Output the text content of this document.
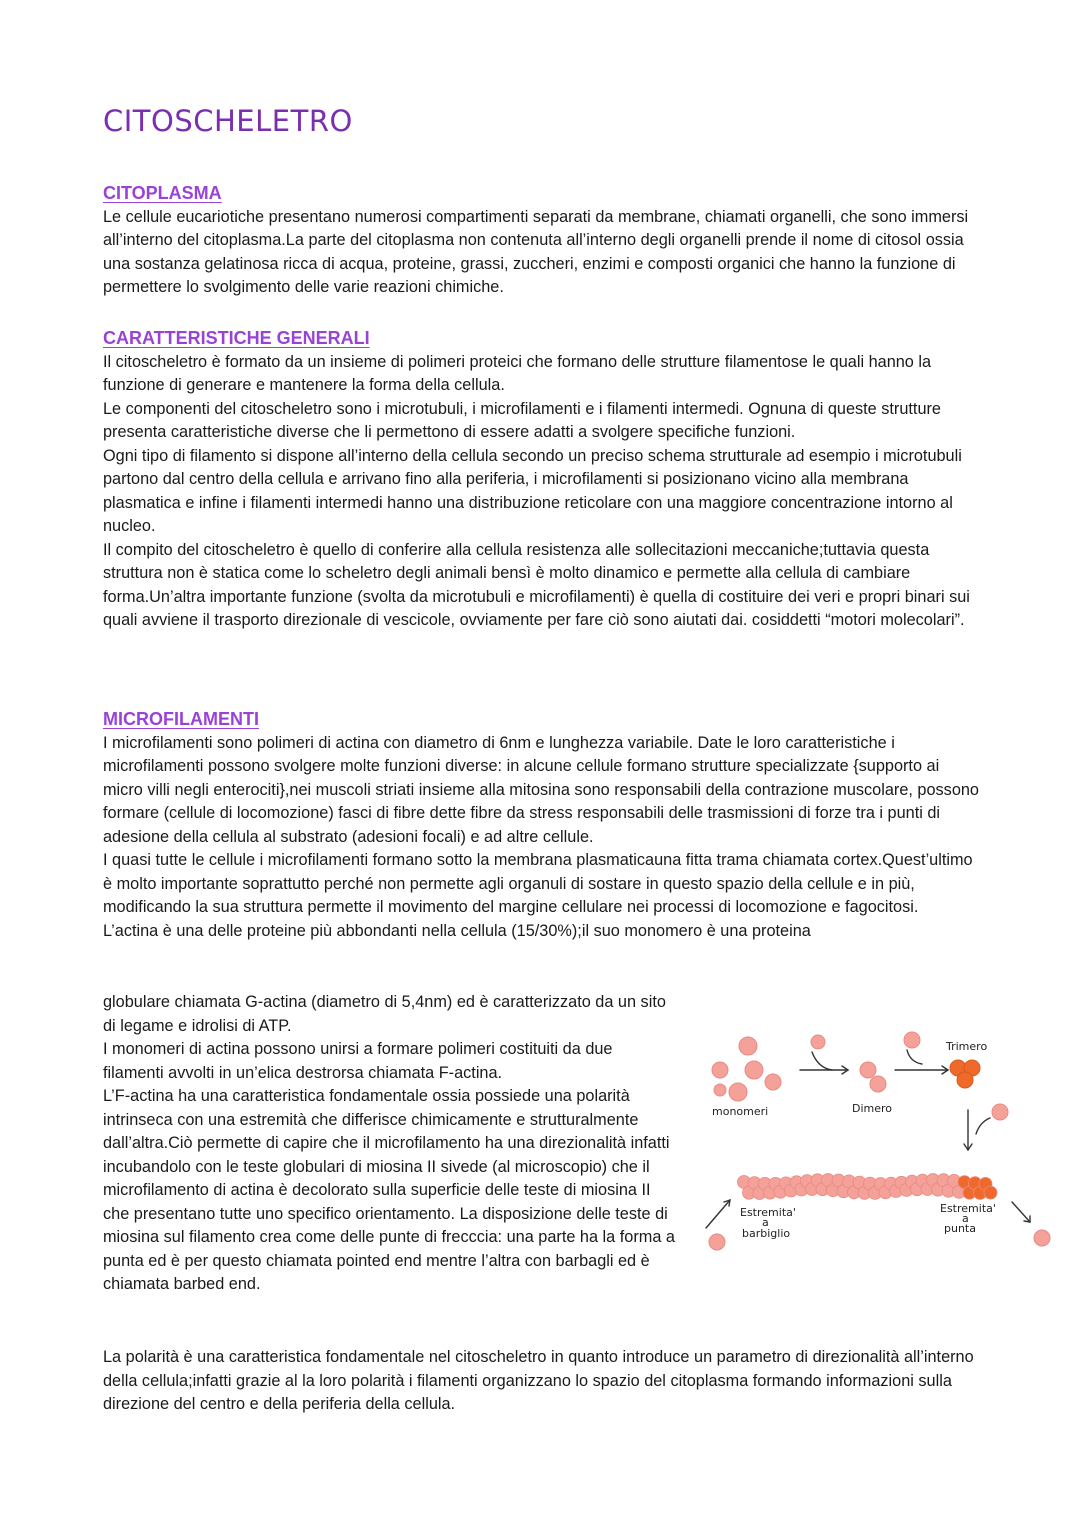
CITOSCHELETRO
CITOPLASMA

Le cellule eucariotiche presentano numerosi compartimenti separati da membrane, chiamati organelli, che sono immersi all’interno del citoplasma.La parte del citoplasma non contenuta all’interno degli organelli prende il nome di citosol ossia una sostanza gelatinosa ricca di acqua, proteine, grassi, zuccheri, enzimi e composti organici che hanno la funzione di permettere lo svolgimento delle varie reazioni chimiche.

CARATTERISTICHE GENERALI

Il citoscheletro è formato da un insieme di polimeri proteici che formano delle strutture filamentose le quali hanno la funzione di generare e mantenere la forma della cellula.

Le componenti del citoscheletro sono i microtubuli, i microfilamenti e i filamenti intermedi. Ognuna di queste strutture presenta caratteristiche diverse che li permettono di essere adatti a svolgere specifiche funzioni.

Ogni tipo di filamento si dispone all’interno della cellula secondo un preciso schema strutturale ad esempio i microtubuli partono dal centro della cellula e arrivano fino alla periferia, i microfilamenti si posizionano vicino alla membrana plasmatica e infine i filamenti intermedi hanno una distribuzione reticolare con una maggiore concentrazione intorno al nucleo.

Il compito del citoscheletro è quello di conferire alla cellula resistenza alle sollecitazioni meccaniche;tuttavia questa struttura non è statica come lo scheletro degli animali bensì è molto dinamico e permette alla cellula di cambiare forma.Un’altra importante funzione (svolta da microtubuli e microfilamenti) è quella di costituire dei veri e propri binari sui quali avviene il trasporto direzionale di vescicole, ovviamente per fare ciò sono aiutati dai. cosiddetti “motori molecolari”.

MICROFILAMENTI

I microfilamenti sono polimeri di actina con diametro di 6nm e lunghezza variabile. Date le loro caratteristiche i microfilamenti possono svolgere molte funzioni diverse: in alcune cellule formano strutture specializzate {supporto ai micro villi negli enterociti},nei muscoli striati insieme alla mitosina sono responsabili della contrazione muscolare, possono formare (cellule di locomozione) fasci di fibre dette fibre da stress responsabili delle trasmissioni di forze tra i punti di adesione della cellula al substrato (adesioni focali) e ad altre cellule.

I quasi tutte le cellule i microfilamenti formano sotto la membrana plasmaticauna fitta trama chiamata cortex.Quest’ultimo è molto importante soprattutto perché non permette agli organuli di sostare in questo spazio della cellule e in più, modificando la sua struttura permette il movimento del margine cellulare nei processi di locomozione e fagocitosi.

L’actina è una delle proteine più abbondanti nella cellula (15/30%);il suo monomero è una proteina

globulare chiamata G-actina (diametro di 5,4nm) ed è caratterizzato da un sito di legame e idrolisi di ATP.

I monomeri di actina possono unirsi a formare polimeri costituiti da due filamenti avvolti in un’elica destrorsa chiamata F-actina.

L’F-actina ha una caratteristica fondamentale ossia possiede una polarità intrinseca con una estremità che differisce chimicamente e strutturalmente dall’altra.Ciò permette di capire che il microfilamento ha una direzionalità infatti incubandolo con le teste globulari di miosina II sivede (al microscopio) che il microfilamento di actina è decolorato sulla superficie delle teste di miosina II che presentano tutte uno specifico orientamento. La disposizione delle teste di miosina sul filamento crea come delle punte di frecccia: una parte ha la forma a punta ed è per questo chiamata pointed end mentre l’altra con barbagli ed è chiamata barbed end.

La polarità è una caratteristica fondamentale nel citoscheletro in quanto introduce un parametro di direzionalità all’interno della cellula;infatti grazie al la loro polarità i filamenti organizzano lo spazio del citoplasma formando informazioni sulla direzione del centro e della periferia della cellula.

monomeri	Dimero
Trimero
Estremita'
a
barbiglio
Estremita'
a
punta
